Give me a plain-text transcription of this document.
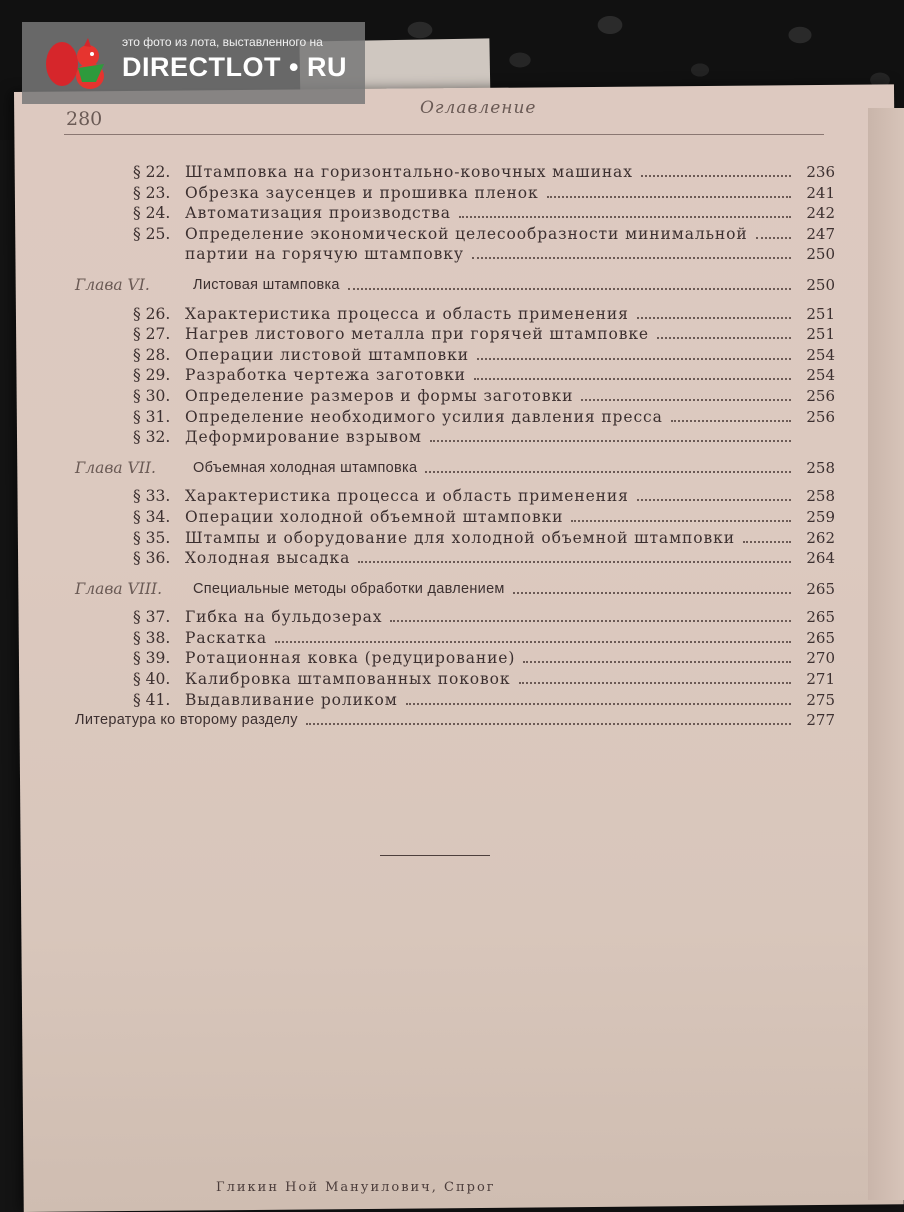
это фото из лота, выставленного на
DIRECTLOT • RU
280	Оглавление
§ 22. Штамповка на горизонтально-ковочных машинах	236
§ 23. Обрезка заусенцев и прошивка пленок	241
§ 24. Автоматизация производства	242
§ 25. Определение экономической целесообразности минимальной	247
партии на горячую штамповку	250
Глава VI.	Листовая штамповка	250
§ 26. Характеристика процесса и область применения	251
§ 27. Нагрев листового металла при горячей штамповке	251
§ 28. Операции листовой штамповки	254
§ 29. Разработка чертежа заготовки	254
§ 30. Определение размеров и формы заготовки	256
§ 31. Определение необходимого усилия давления пресса	256
§ 32. Деформирование взрывом
Глава VII.	Объемная холодная штамповка	258
§ 33. Характеристика процесса и область применения	258
§ 34. Операции холодной объемной штамповки	259
§ 35. Штампы и оборудование для холодной объемной штамповки	262
§ 36. Холодная высадка	264
Глава VIII. Специальные методы обработки давлением	265
§ 37. Гибка на бульдозерах	265
§ 38. Раскатка	265
§ 39. Ротационная ковка (редуцирование)	270
§ 40. Калибровка штампованных поковок	271
§ 41. Выдавливание роликом	275
Литература ко второму разделу	277
Гликин Ной Мануилович, Спрог
